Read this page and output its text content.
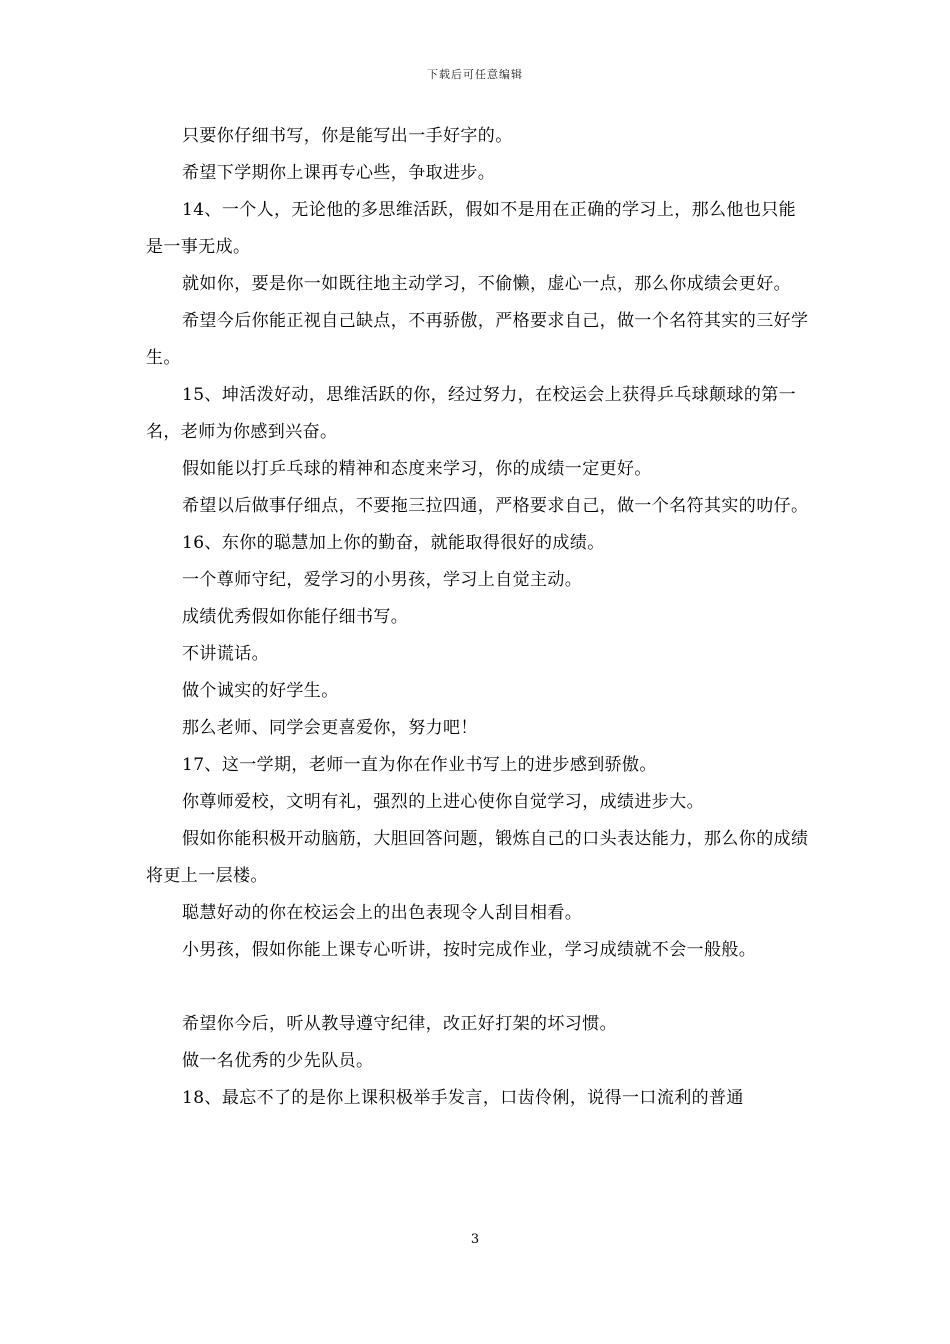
下载后可任意编辑

只要你仔细书写，你是能写出一手好字的。

希望下学期你上课再专心些，争取进步。

14、一个人，无论他的多思维活跃，假如不是用在正确的学习上，那么他也只能是一事无成。

就如你，要是你一如既往地主动学习，不偷懒，虚心一点，那么你成绩会更好。

希望今后你能正视自己缺点，不再骄傲，严格要求自己，做一个名符其实的三好学生。

15、坤活泼好动，思维活跃的你，经过努力，在校运会上获得乒乓球颠球的第一名，老师为你感到兴奋。

假如能以打乒乓球的精神和态度来学习，你的成绩一定更好。

希望以后做事仔细点，不要拖三拉四通，严格要求自己，做一个名符其实的叻仔。

16、东你的聪慧加上你的勤奋，就能取得很好的成绩。

一个尊师守纪，爱学习的小男孩，学习上自觉主动。

成绩优秀假如你能仔细书写。

不讲谎话。

做个诚实的好学生。

那么老师、同学会更喜爱你，努力吧！

17、这一学期，老师一直为你在作业书写上的进步感到骄傲。

你尊师爱校，文明有礼，强烈的上进心使你自觉学习，成绩进步大。

假如你能积极开动脑筋，大胆回答问题，锻炼自己的口头表达能力，那么你的成绩将更上一层楼。

聪慧好动的你在校运会上的出色表现令人刮目相看。

小男孩，假如你能上课专心听讲，按时完成作业，学习成绩就不会一般般。

希望你今后，听从教导遵守纪律，改正好打架的坏习惯。

做一名优秀的少先队员。

18、最忘不了的是你上课积极举手发言，口齿伶俐，说得一口流利的普通

3
